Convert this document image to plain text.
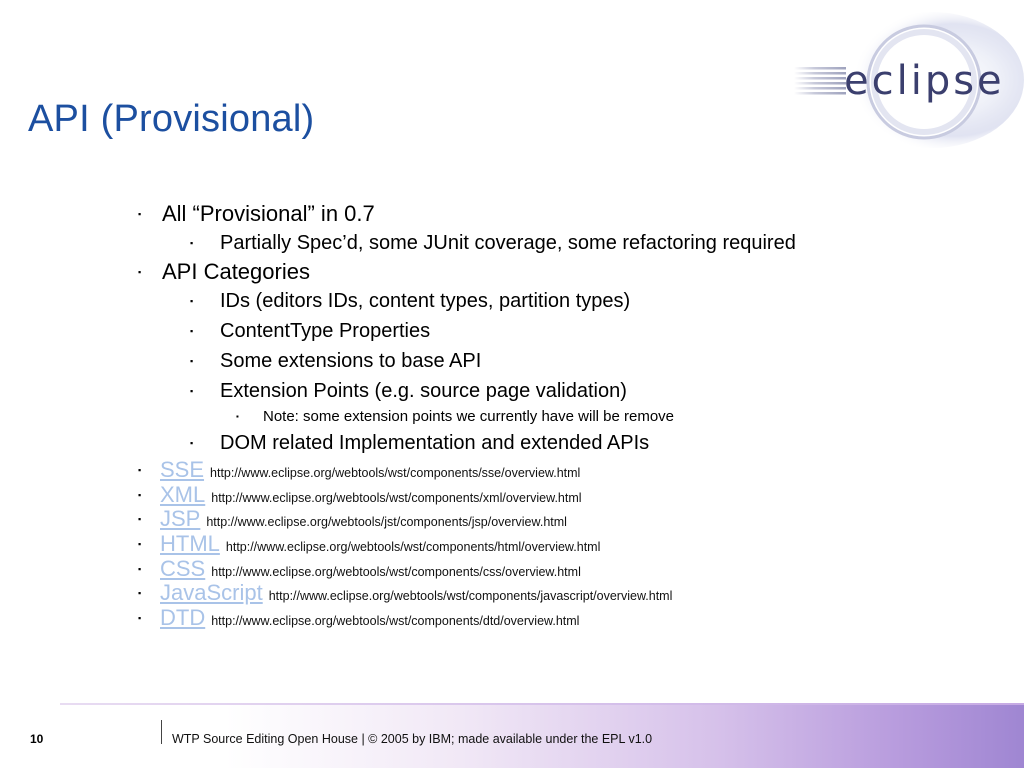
eclipse
API (Provisional)
▪ All “Provisional” in 0.7
▪ Partially Spec’d, some JUnit coverage, some refactoring required
▪ API Categories
▪ IDs (editors IDs, content types, partition types)
▪ ContentType Properties
▪ Some extensions to base API
▪ Extension Points (e.g. source page validation)
▪ Note: some extension points we currently have will be remove
▪ DOM related Implementation and extended APIs
▪ SSE http://www.eclipse.org/webtools/wst/components/sse/overview.html
▪ XML http://www.eclipse.org/webtools/wst/components/xml/overview.html
▪ JSP http://www.eclipse.org/webtools/jst/components/jsp/overview.html
▪ HTML http://www.eclipse.org/webtools/wst/components/html/overview.html
▪ CSS http://www.eclipse.org/webtools/wst/components/css/overview.html
▪ JavaScript http://www.eclipse.org/webtools/wst/components/javascript/overview.html
▪ DTD http://www.eclipse.org/webtools/wst/components/dtd/overview.html
10	WTP Source Editing Open House | © 2005 by IBM; made available under the EPL v1.0
